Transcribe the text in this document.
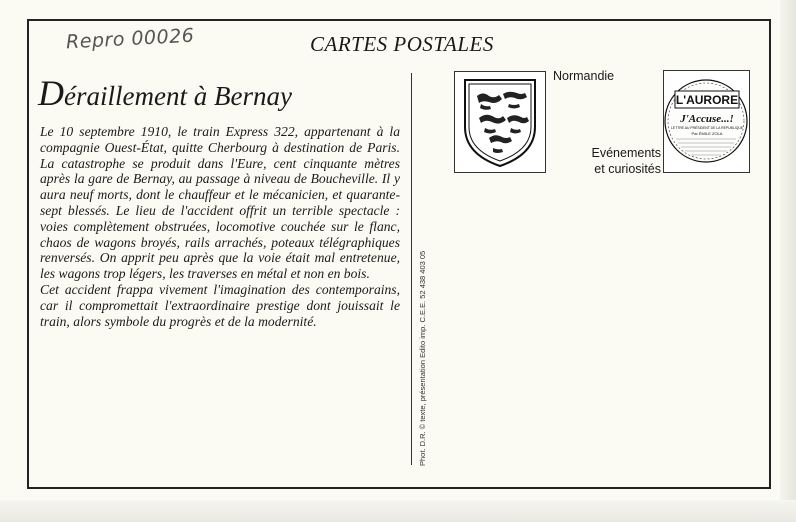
Repro 00026	CARTES POSTALES
Déraillement à Bernay

Le 10 septembre 1910, le train Express 322, appartenant à la compagnie Ouest-État, quitte Cherbourg à destination de Paris. La catastrophe se produit dans l'Eure, cent cinquante mètres après la gare de Bernay, au passage à niveau de Boucheville. Il y aura neuf morts, dont le chauffeur et le mécanicien, et quarante-sept blessés. Le lieu de l'accident offrit un terrible spectacle : voies complètement obstruées, locomotive couchée sur le flanc, chaos de wagons broyés, rails arrachés, poteaux télégraphiques renversés. On apprit peu après que la voie était mal entretenue, les wagons trop légers, les traverses en métal et non en bois.

Cet accident frappa vivement l'imagination des contemporains, car il compromettait l'extraordinaire prestige dont jouissait le train, alors symbole du progrès et de la modernité.	Phot. D.R. © texte, présentation Edito imp. C.E.E. 52 438 403 05
Normandie
Evénements
et curiosités
L'AURORE
J'Accuse...!
LETTRE AU PRÉSIDENT DE LA RÉPUBLIQUE
Par ÉMILE ZOLA
